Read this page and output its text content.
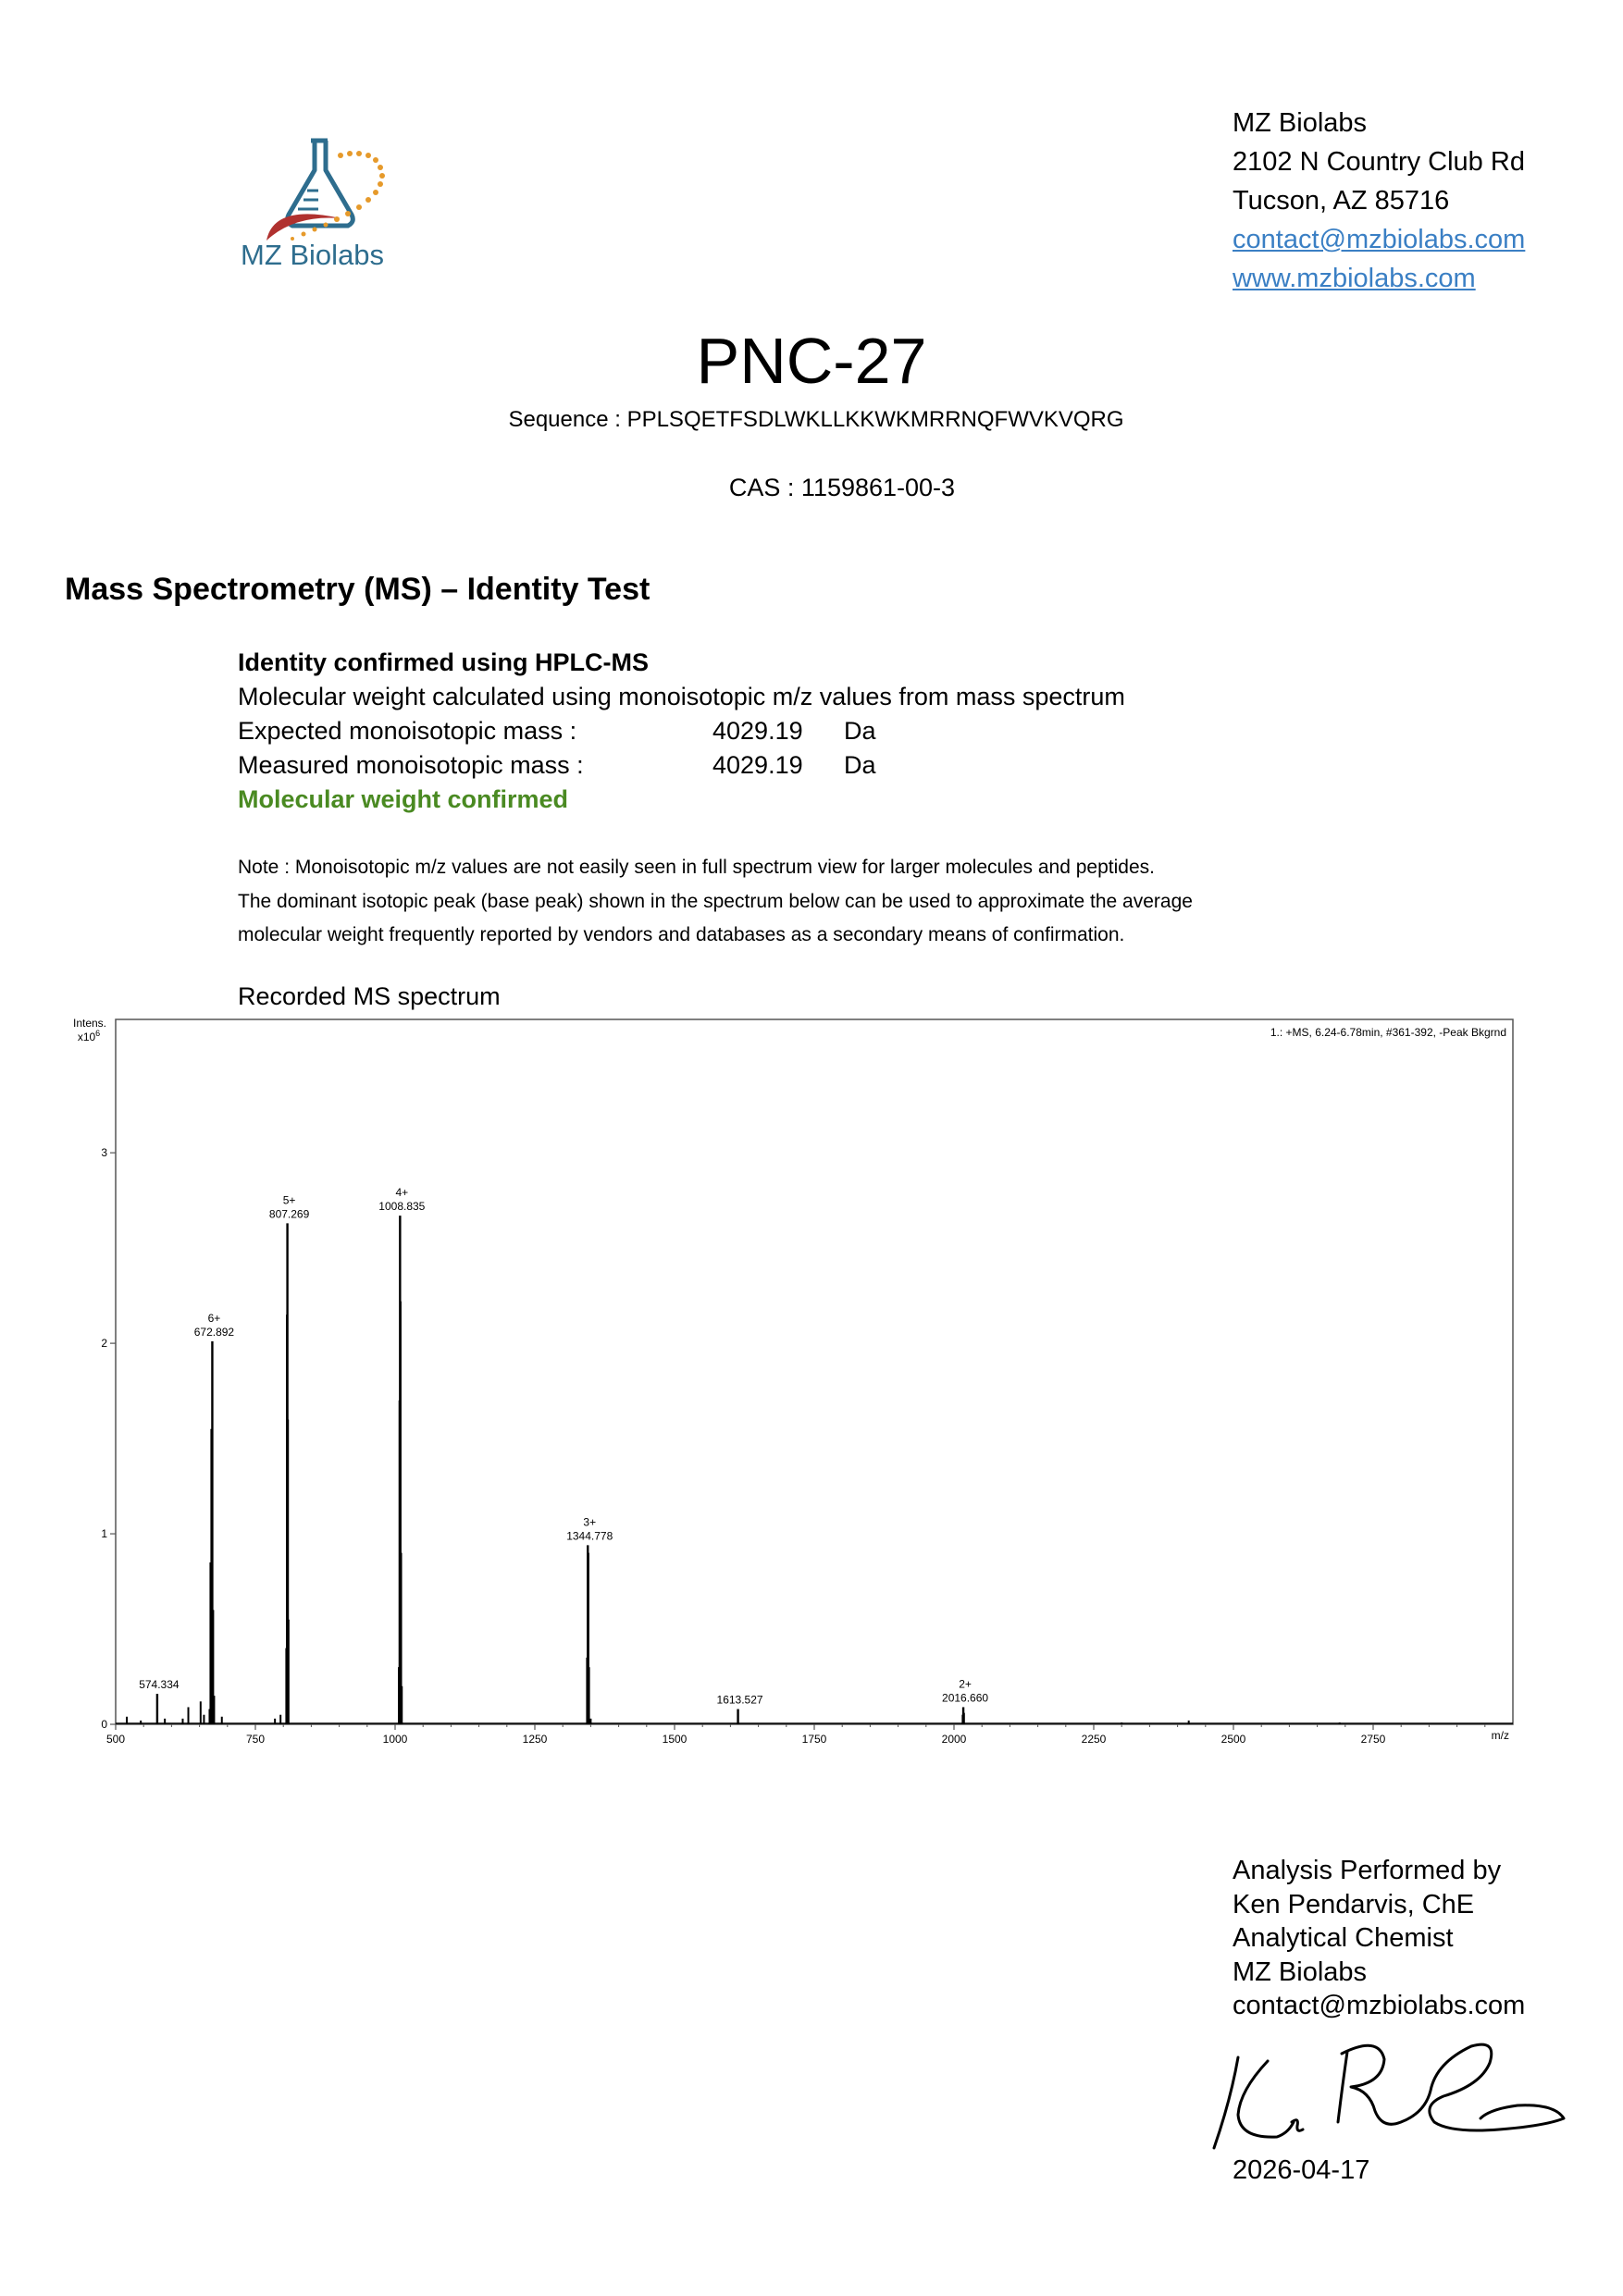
MZ Biolabs
MZ Biolabs
2102 N Country Club Rd
Tucson, AZ 85716
contact@mzbiolabs.com
www.mzbiolabs.com
PNC-27
Sequence : PPLSQETFSDLWKLLKKWKMRRNQFWVKVQRG
CAS : 1159861-00-3
Mass Spectrometry (MS) – Identity Test
Identity confirmed using HPLC-MS
Molecular weight calculated using monoisotopic m/z values from mass spectrum
Expected monoisotopic mass :	4029.19 Da
Measured monoisotopic mass :	4029.19 Da
Molecular weight confirmed
Note : Monoisotopic m/z values are not easily seen in full spectrum view for larger molecules and peptides.
The dominant isotopic peak (base peak) shown in the spectrum below can be used to approximate the average
molecular weight frequently reported by vendors and databases as a secondary means of confirmation.
Recorded MS spectrum
1.: +MS, 6.24-6.78min, #361-392, -Peak Bkgrnd
Intens.
$x10^6$
m/z
0
1
2
3
500	750	1000	1250	1500	1750	2000	2250	2500	2750
574.334
672.892
6+
807.269
5+	1008.835
4+
1344.778
3+
1613.527	2016.660
2+
Analysis Performed by
Ken Pendarvis, ChE
Analytical Chemist
MZ Biolabs
contact@mzbiolabs.com
2026-04-17
